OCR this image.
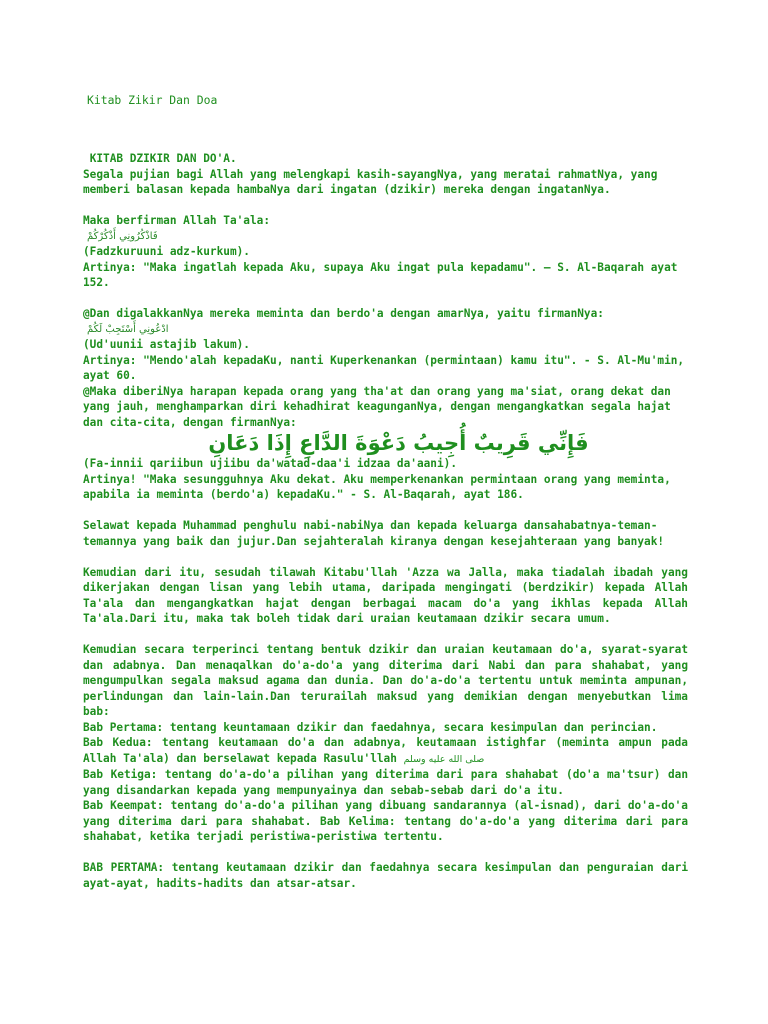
Kitab Zikir Dan Doa

KITAB DZIKIR DAN DO'A.

Segala pujian bagi Allah yang melengkapi kasih-sayangNya, yang meratai rahmatNya, yang memberi balasan kepada hambaNya dari ingatan (dzikir) mereka dengan ingatanNya.

Maka berfirman Allah Ta'ala:

فَاذْكُرُونِي أَذْكُرْكُمْ

(Fadzkuruuni adz-kurkum).

Artinya: "Maka ingatlah kepada Aku, supaya Aku ingat pula kepadamu". — S. Al-Baqarah ayat 152.

@Dan digalakkanNya mereka meminta dan berdo'a dengan amarNya, yaitu firmanNya:

ادْعُونِي أَسْتَجِبْ لَكُمْ

(Ud'uunii astajib lakum).

Artinya: "Mendo'alah kepadaKu, nanti Kuperkenankan (permintaan) kamu itu". - S. Al-Mu'min, ayat 60.

@Maka diberiNya harapan kepada orang yang tha'at dan orang yang ma'siat, orang dekat dan yang jauh, menghamparkan diri kehadhirat keagunganNya, dengan mengangkatkan segala hajat dan cita-cita, dengan firmanNya:

فَإِنِّي قَرِيبٌ أُجِيبُ دَعْوَةَ الدَّاعِ إِذَا دَعَانِ

(Fa-innii qariibun ujiibu da'watad-daa'i idzaa da'aani).

Artinya! "Maka sesungguhnya Aku dekat. Aku memperkenankan permintaan orang yang meminta, apabila ia meminta (berdo'a) kepadaKu." - S. Al-Baqarah, ayat 186.

Selawat kepada Muhammad penghulu nabi-nabiNya dan kepada keluarga dansahabatnya-teman-temannya yang baik dan jujur.Dan sejahteralah kiranya dengan kesejahteraan yang banyak!

Kemudian dari itu, sesudah tilawah Kitabu'llah 'Azza wa Jalla, maka tiadalah ibadah yang dikerjakan dengan lisan yang lebih utama, daripada mengingati (berdzikir) kepada Allah Ta'ala dan mengangkatkan hajat dengan berbagai macam do'a yang ikhlas kepada Allah Ta'ala.Dari itu, maka tak boleh tidak dari uraian keutamaan dzikir secara umum.

Kemudian secara terperinci tentang bentuk dzikir dan uraian keutamaan do'a, syarat-syarat dan adabnya. Dan menaqalkan do'a-do'a yang diterima dari Nabi dan para shahabat, yang mengumpulkan segala maksud agama dan dunia. Dan do'a-do'a tertentu untuk meminta ampunan, perlindungan dan lain-lain.Dan terurailah maksud yang demikian dengan menyebutkan lima bab:

Bab Pertama: tentang keuntamaan dzikir dan faedahnya, secara kesimpulan dan perincian.

Bab Kedua: tentang keutamaan do'a dan adabnya, keutamaan istighfar (meminta ampun pada Allah Ta'ala) dan berselawat kepada Rasulu'llah صلى الله عليه وسلم

Bab Ketiga: tentang do'a-do'a pilihan yang diterima dari para shahabat (do'a ma'tsur) dan yang disandarkan kepada yang mempunyainya dan sebab-sebab dari do'a itu.

Bab Keempat: tentang do'a-do'a pilihan yang dibuang sandarannya (al-isnad), dari do'a-do'a yang diterima dari para shahabat. Bab Kelima: tentang do'a-do'a yang diterima dari para shahabat, ketika terjadi peristiwa-peristiwa tertentu.

BAB PERTAMA: tentang keutamaan dzikir dan faedahnya secara kesimpulan dan penguraian dari ayat-ayat, hadits-hadits dan atsar-atsar.
